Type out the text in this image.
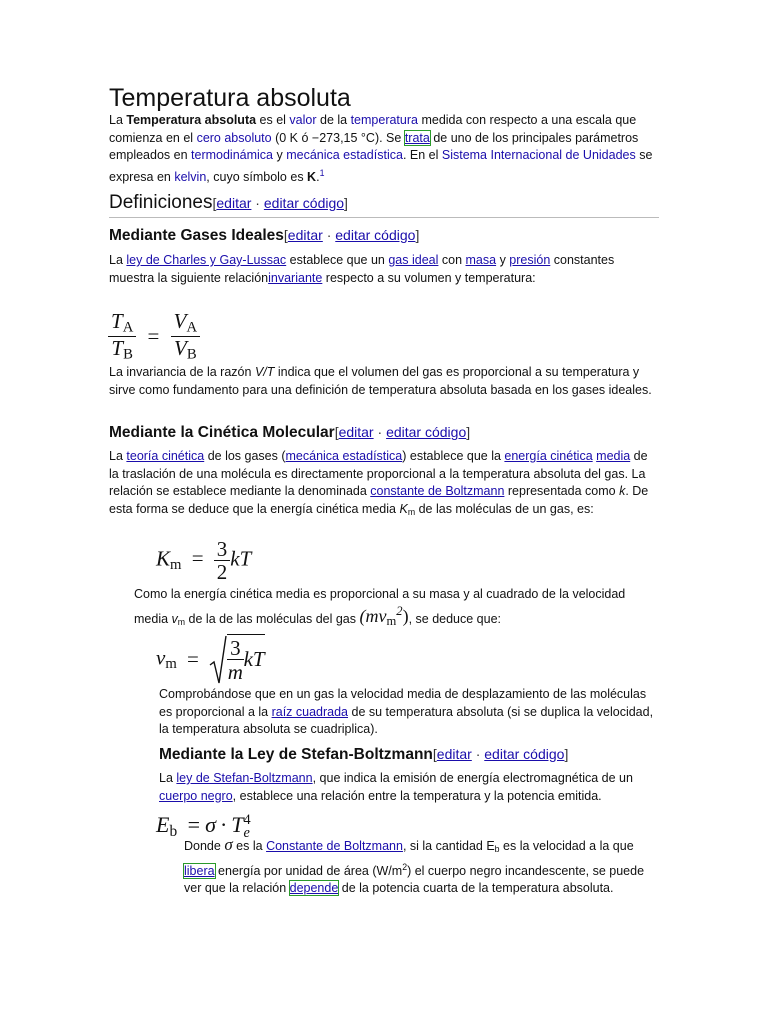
Temperatura absoluta
La Temperatura absoluta es el valor de la temperatura medida con respecto a una escala que comienza en el cero absoluto (0 K ó −273,15 °C). Se trata de uno de los principales parámetros empleados en termodinámica y mecánica estadística. En el Sistema Internacional de Unidades se expresa en kelvin, cuyo símbolo es K.$^1$
Definiciones[editar · editar código]
Mediante Gases Ideales[editar · editar código]
La ley de Charles y Gay-Lussac establece que un gas ideal con masa y presión constantes muestra la siguiente relacióninvariante respecto a su volumen y temperatura:
$\frac{T_A}{T_B} = \frac{V_A}{V_B}$
La invariancia de la razón V/T indica que el volumen del gas es proporcional a su temperatura y sirve como fundamento para una definición de temperatura absoluta basada en los gases ideales.
Mediante la Cinética Molecular[editar · editar código]
La teoría cinética de los gases (mecánica estadística) establece que la energía cinética media de la traslación de una molécula es directamente proporcional a la temperatura absoluta del gas. La relación se establece mediante la denominada constante de Boltzmann representada como k. De esta forma se deduce que la energía cinética media $K_m$ de las moléculas de un gas, es:
$K_m = \frac{3}{2}$ kT
Como la energía cinética media es proporcional a su masa y al cuadrado de la velocidad media $v_m$ de la de las moléculas del gas $(mv_m^2)$, se deduce que:
$v_m = \frac{3}{m}kT$
Comprobándose que en un gas la velocidad media de desplazamiento de las moléculas es proporcional a la raíz cuadrada de su temperatura absoluta (si se duplica la velocidad, la temperatura absoluta se cuadriplica).
Mediante la Ley de Stefan-Boltzmann[editar · editar código]
La ley de Stefan-Boltzmann, que indica la emisión de energía electromagnética de un cuerpo negro, establece una relación entre la temperatura y la potencia emitida.
$E_b = \sigma \cdot T$ 4
e
Donde σ es la Constante de Boltzmann, si la cantidad $E_b$ es la velocidad a la que libera energía por unidad de área $(W/m^2)$ el cuerpo negro incandescente, se puede ver que la relación depende de la potencia cuarta de la temperatura absoluta.
